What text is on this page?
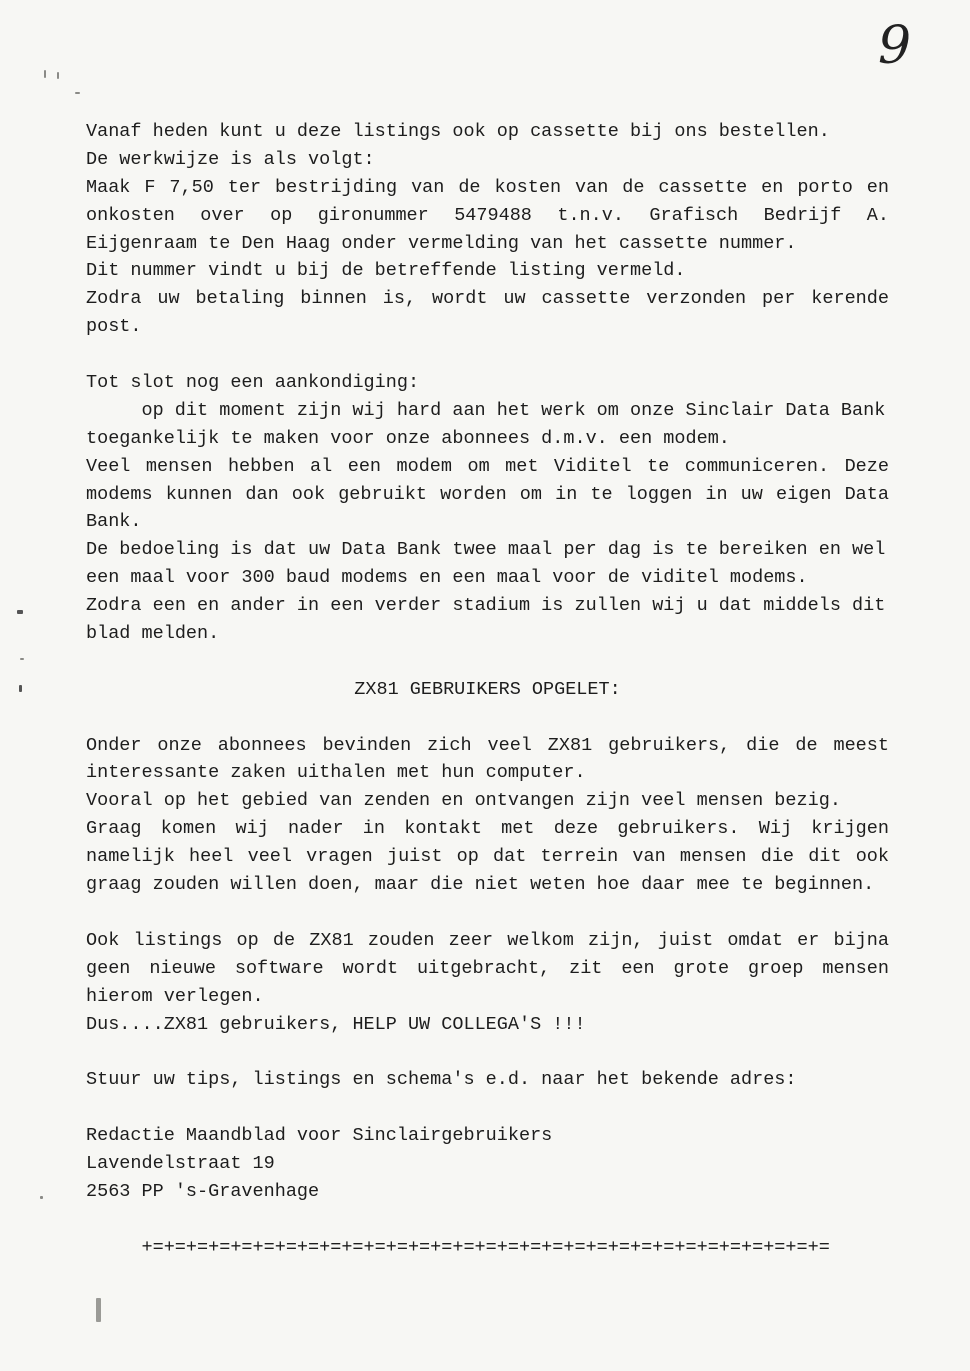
9
Vanaf heden kunt u deze listings ook op cassette bij ons bestellen.
De werkwijze is als volgt:
Maak F 7,50 ter bestrijding van de kosten van de cassette en porto en
onkosten over op gironummer 5479488 t.n.v. Grafisch Bedrijf A.
Eijgenraam te Den Haag onder vermelding van het cassette nummer.
Dit nummer vindt u bij de betreffende listing vermeld.
Zodra uw betaling binnen is, wordt uw cassette verzonden per kerende
post.
Tot slot nog een aankondiging:
op dit moment zijn wij hard aan het werk om onze Sinclair Data Bank
toegankelijk te maken voor onze abonnees d.m.v. een modem.
Veel mensen hebben al een modem om met Viditel te communiceren. Deze
modems kunnen dan ook gebruikt worden om in te loggen in uw eigen Data
Bank.
De bedoeling is dat uw Data Bank twee maal per dag is te bereiken en wel
een maal voor 300 baud modems en een maal voor de viditel modems.
Zodra een en ander in een verder stadium is zullen wij u dat middels dit
blad melden.
ZX81 GEBRUIKERS OPGELET:
Onder onze abonnees bevinden zich veel ZX81 gebruikers, die de meest
interessante zaken uithalen met hun computer.
Vooral op het gebied van zenden en ontvangen zijn veel mensen bezig.
Graag komen wij nader in kontakt met deze gebruikers. Wij krijgen
namelijk heel veel vragen juist op dat terrein van mensen die dit ook
graag zouden willen doen, maar die niet weten hoe daar mee te beginnen.
Ook listings op de ZX81 zouden zeer welkom zijn, juist omdat er bijna
geen nieuwe software wordt uitgebracht, zit een grote groep mensen
hierom verlegen.
Dus....ZX81 gebruikers, HELP UW COLLEGA'S !!!
Stuur uw tips, listings en schema's e.d. naar het bekende adres:
Redactie Maandblad voor Sinclairgebruikers
Lavendelstraat 19
2563 PP 's-Gravenhage
+=+=+=+=+=+=+=+=+=+=+=+=+=+=+=+=+=+=+=+=+=+=+=+=+=+=+=+=+=+=+=
